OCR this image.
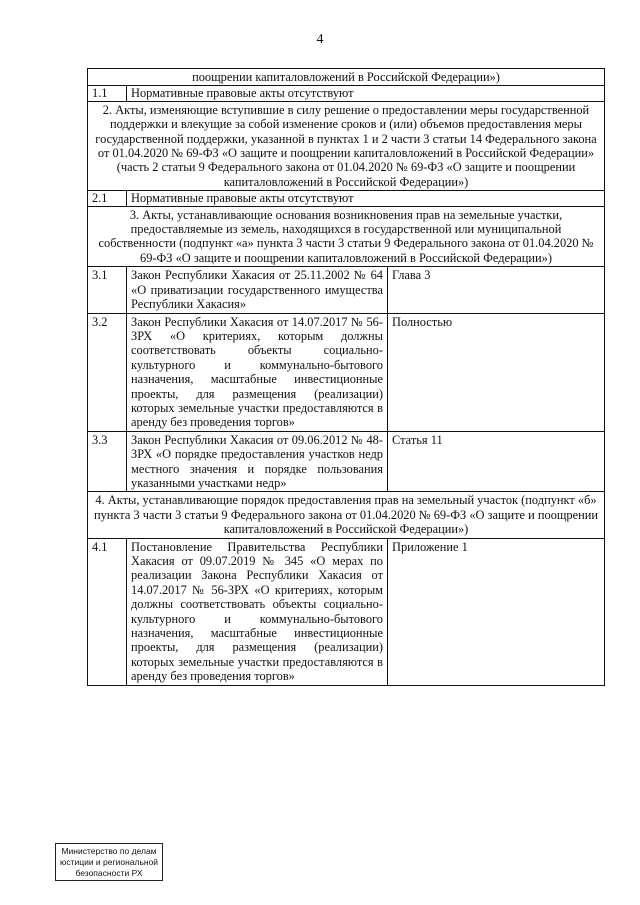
4
поощрении капиталовложений в Российской Федерации»)		
1.1	Нормативные правовые акты отсутствуют	

2. Акты, изменяющие вступившие в силу решение о предоставлении меры государственной поддержки и влекущие за собой изменение сроков и (или) объемов предоставления меры государственной поддержки, указанной в пунктах 1 и 2 части 3 статьи 14 Федерального закона от 01.04.2020 № 69-ФЗ «О защите и поощрении капиталовложений в Российской Федерации»
(часть 2 статьи 9 Федерального закона от 01.04.2020 № 69-ФЗ «О защите и поощрении капиталовложений в Российской Федерации»)		

2.1	Нормативные правовые акты отсутствуют	
3. Акты, устанавливающие основания возникновения прав на земельные участки, предоставляемые из земель, находящихся в государственной или муниципальной собственности (подпункт «а» пункта 3 части 3 статьи 9 Федерального закона от 01.04.2020 № 69-ФЗ «О защите и поощрении капиталовложений в Российской Федерации»)		
3.1	Закон Республики Хакасия от 25.11.2002 № 64 «О приватизации государственного имущества Республики Хакасия»	Глава 3
3.2	Закон Республики Хакасия от 14.07.2017 № 56-ЗРХ «О критериях, которым должны соответствовать объекты социально-культурного и коммунально-бытового назначения, масштабные инвестиционные проекты, для размещения (реализации) которых земельные участки предоставляются в аренду без проведения торгов»	Полностью
3.3	Закон Республики Хакасия от 09.06.2012 № 48-ЗРХ «О порядке предоставления участков недр местного значения и порядке пользования указанными участками недр»	Статья 11
4. Акты, устанавливающие порядок предоставления прав на земельный участок (подпункт «б» пункта 3 части 3 статьи 9 Федерального закона от 01.04.2020 № 69-ФЗ «О защите и поощрении капиталовложений в Российской Федерации»)		
4.1	Постановление Правительства Республики Хакасия от 09.07.2019 № 345 «О мерах по реализации Закона Республики Хакасия от 14.07.2017 № 56-ЗРХ «О критериях, которым должны соответствовать объекты социально-культурного и коммунально-бытового назначения, масштабные инвестиционные проекты, для размещения (реализации) которых земельные участки предоставляются в аренду без проведения торгов»	Приложение 1
Министерство по делам
юстиции и региональной
безопасности РХ
